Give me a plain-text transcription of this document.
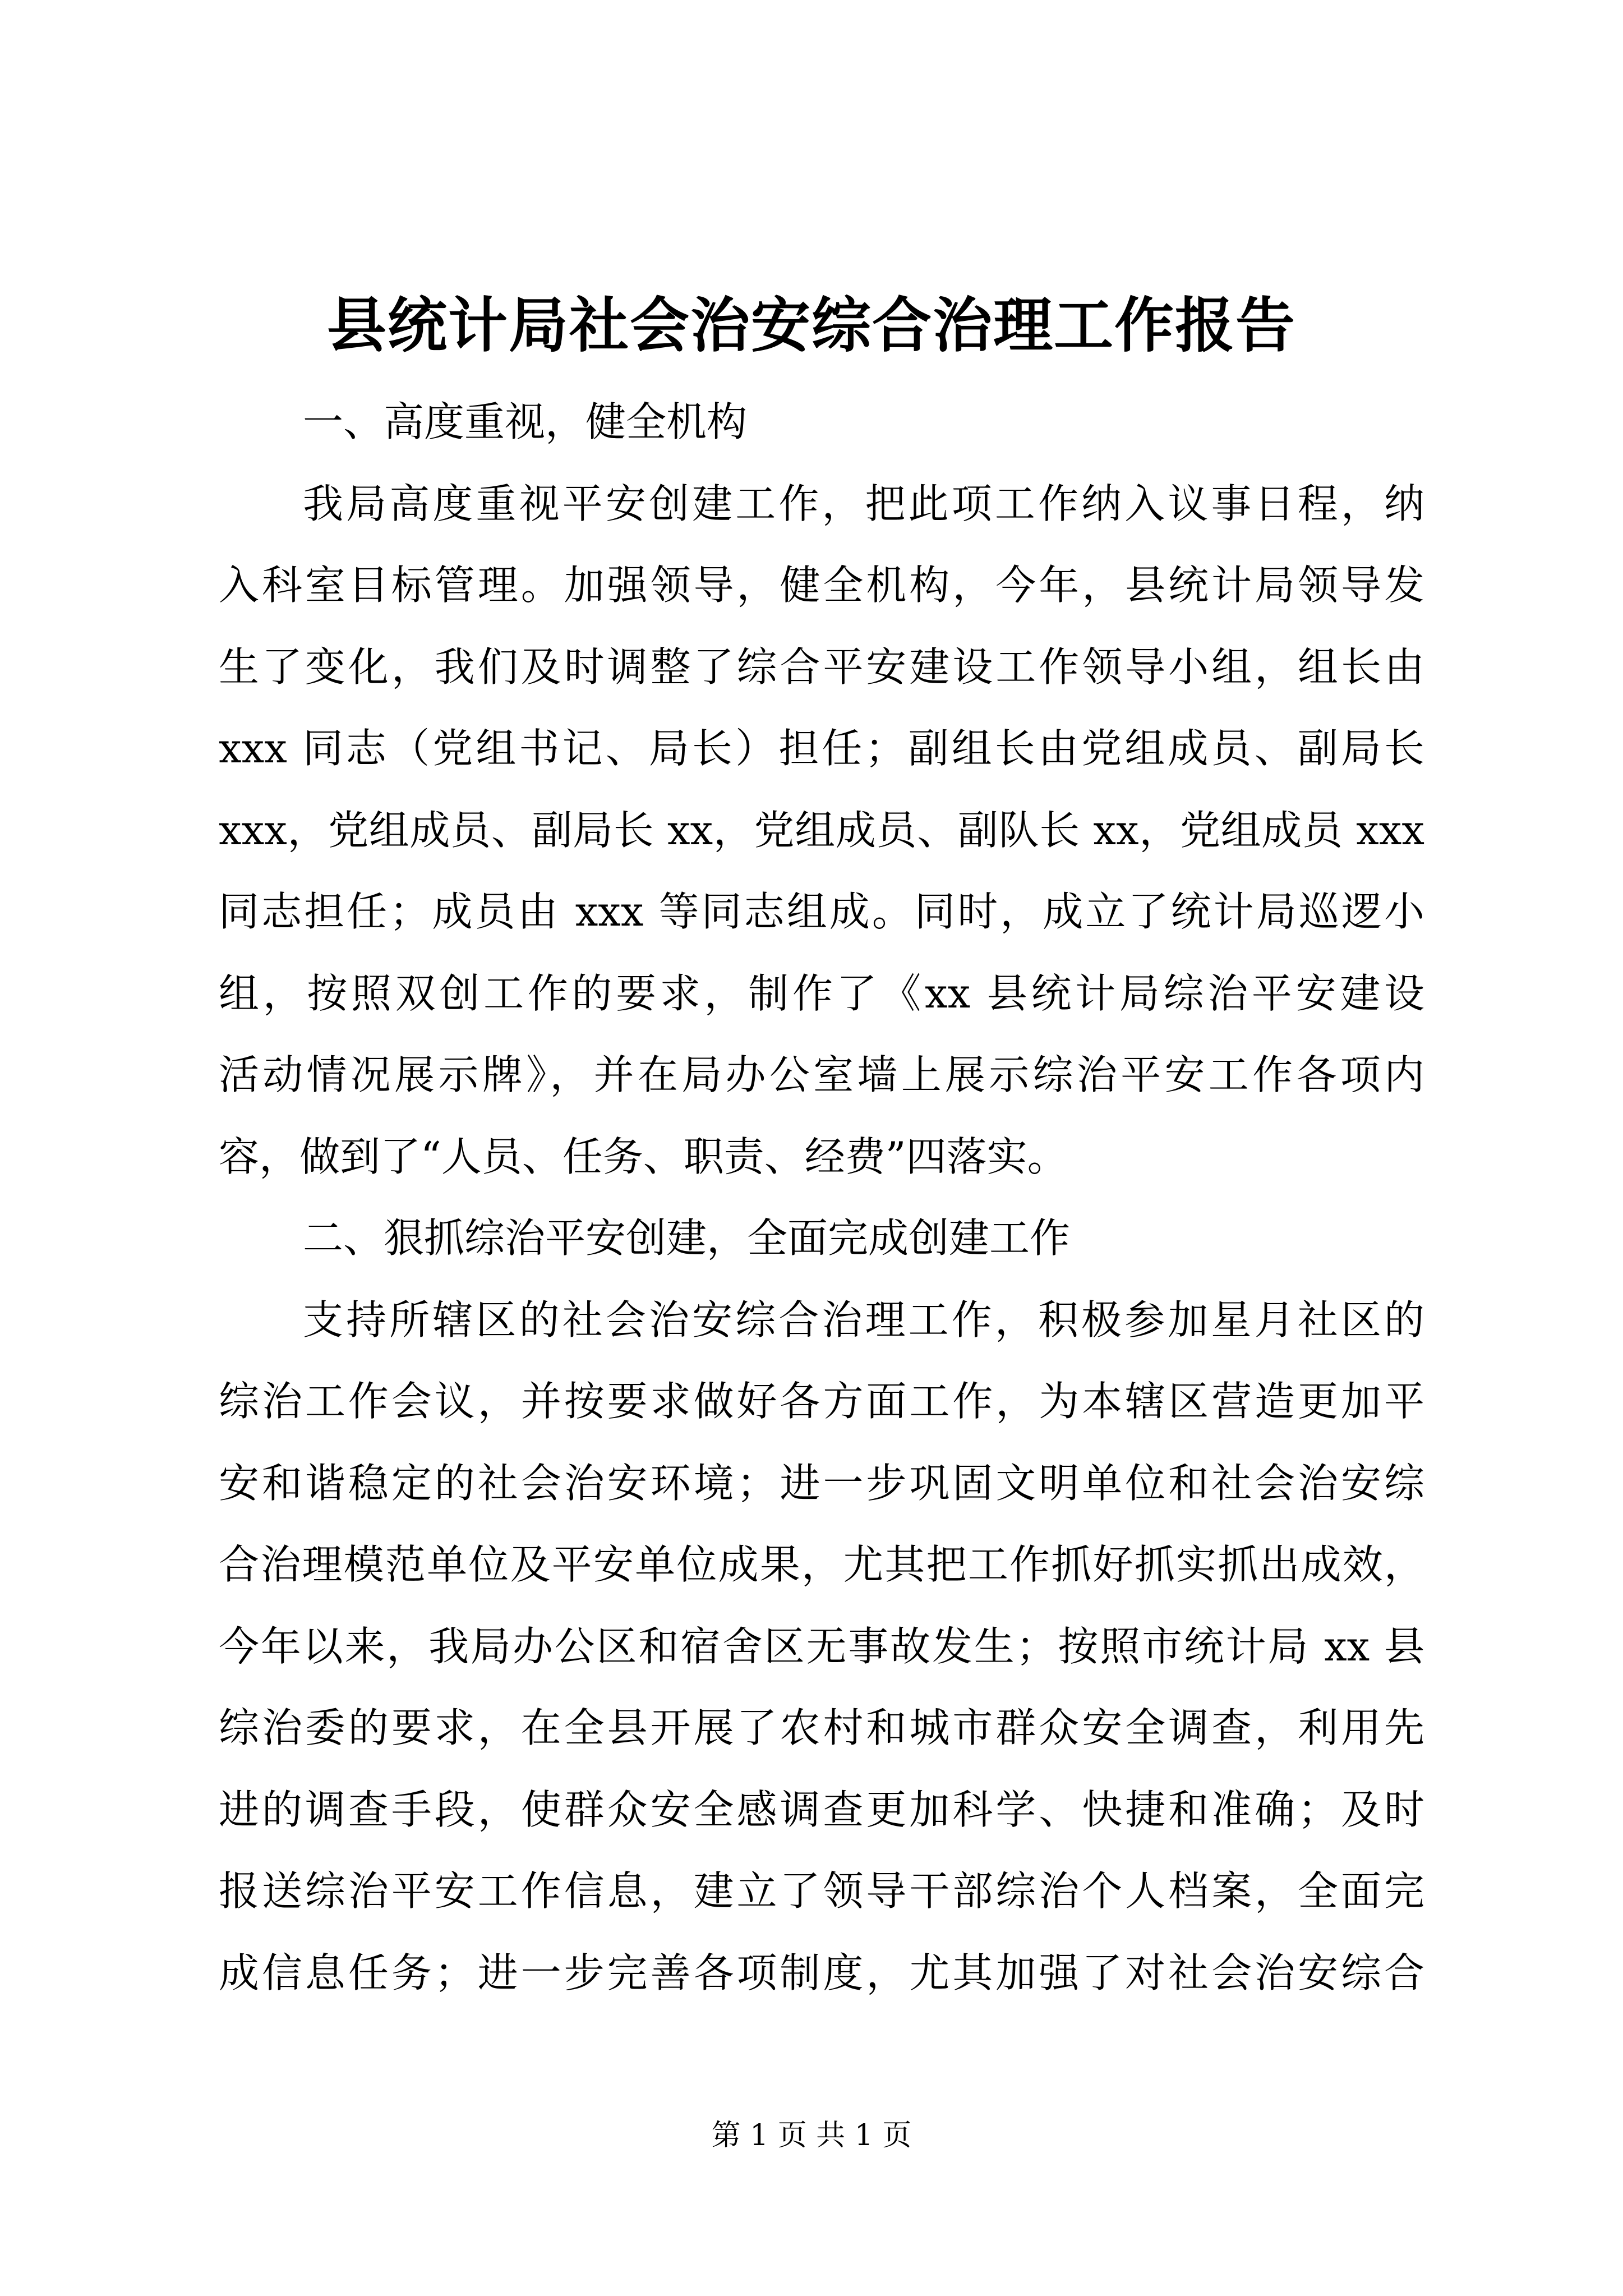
县统计局社会治安综合治理工作报告
一、高度重视，健全机构
我局高度重视平安创建工作，把此项工作纳入议事日程，纳
入科室目标管理。加强领导，健全机构，今年，县统计局领导发
生了变化，我们及时调整了综合平安建设工作领导小组，组长由
xxx 同志（党组书记、局长）担任；副组长由党组成员、副局长
xxx，党组成员、副局长 xx，党组成员、副队长 xx，党组成员 xxx
同志担任；成员由 xxx 等同志组成。同时，成立了统计局巡逻小
组，按照双创工作的要求，制作了《xx 县统计局综治平安建设
活动情况展示牌》，并在局办公室墙上展示综治平安工作各项内
容，做到了“人员、任务、职责、经费”四落实。
二、狠抓综治平安创建，全面完成创建工作
支持所辖区的社会治安综合治理工作，积极参加星月社区的
综治工作会议，并按要求做好各方面工作，为本辖区营造更加平
安和谐稳定的社会治安环境；进一步巩固文明单位和社会治安综
合治理模范单位及平安单位成果，尤其把工作抓好抓实抓出成效，
今年以来，我局办公区和宿舍区无事故发生；按照市统计局 xx 县
综治委的要求，在全县开展了农村和城市群众安全调查，利用先
进的调查手段，使群众安全感调查更加科学、快捷和准确；及时
报送综治平安工作信息，建立了领导干部综治个人档案，全面完
成信息任务；进一步完善各项制度，尤其加强了对社会治安综合
第 1 页 共 1 页
